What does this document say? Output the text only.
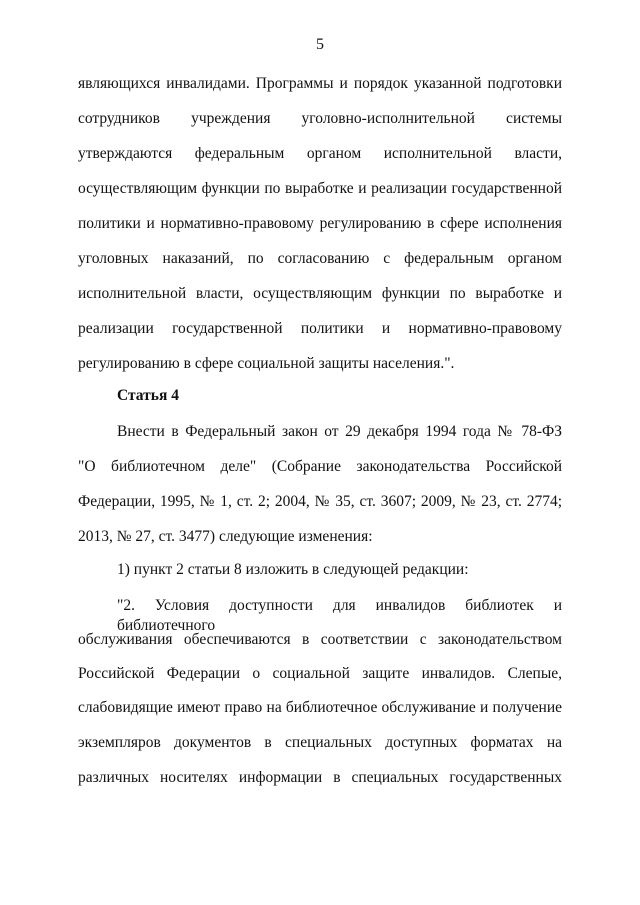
5
являющихся инвалидами. Программы и порядок указанной подготовки
сотрудников учреждения уголовно-исполнительной системы
утверждаются федеральным органом исполнительной власти,
осуществляющим функции по выработке и реализации государственной
политики и нормативно-правовому регулированию в сфере исполнения
уголовных наказаний, по согласованию с федеральным органом
исполнительной власти, осуществляющим функции по выработке и
реализации государственной политики и нормативно-правовому
регулированию в сфере социальной защиты населения.".
Статья 4
Внести в Федеральный закон от 29 декабря 1994 года № 78-ФЗ
"О библиотечном деле" (Собрание законодательства Российской
Федерации, 1995, № 1, ст. 2; 2004, № 35, ст. 3607; 2009, № 23, ст. 2774;
2013, № 27, ст. 3477) следующие изменения:
1) пункт 2 статьи 8 изложить в следующей редакции:
"2. Условия доступности для инвалидов библиотек и библиотечного
обслуживания обеспечиваются в соответствии с законодательством
Российской Федерации о социальной защите инвалидов. Слепые,
слабовидящие имеют право на библиотечное обслуживание и получение
экземпляров документов в специальных доступных форматах на
различных носителях информации в специальных государственных
